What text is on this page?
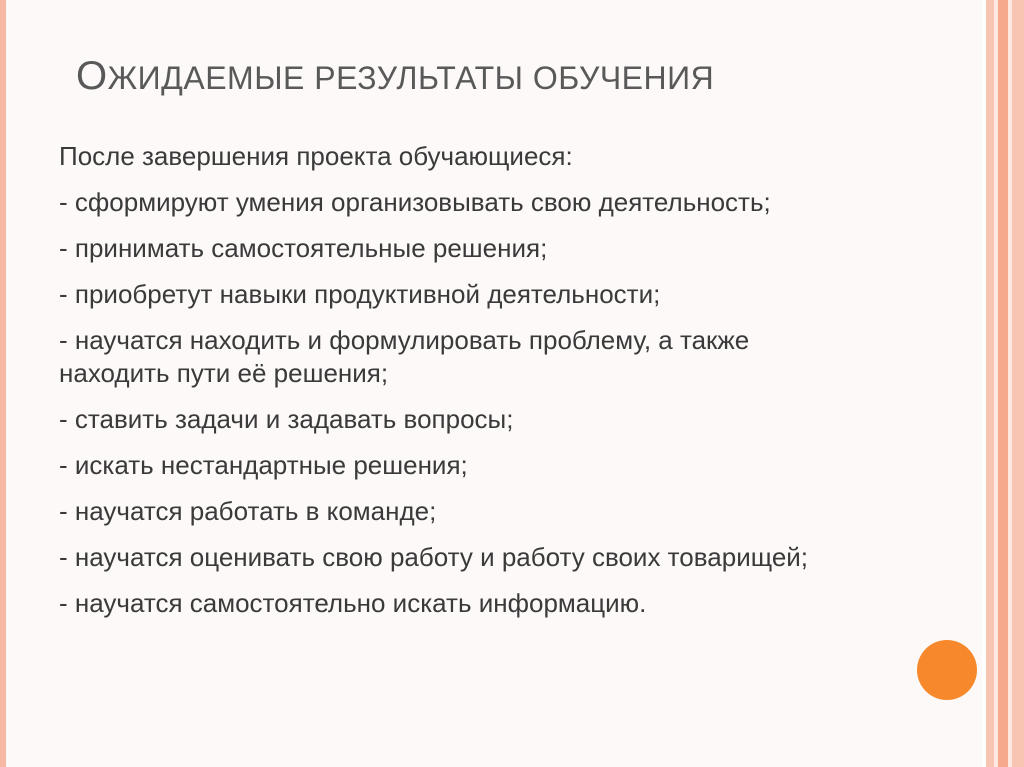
ОЖИДАЕМЫЕ РЕЗУЛЬТАТЫ ОБУЧЕНИЯ

После завершения проекта обучающиеся:

- сформируют умения организовывать свою деятельность;

- принимать самостоятельные решения;

- приобретут навыки продуктивной деятельности;

- научатся находить и формулировать проблему, а также находить пути её решения;

- ставить задачи и задавать вопросы;

- искать нестандартные решения;

- научатся работать в команде;

- научатся оценивать свою работу и работу своих товарищей;

- научатся самостоятельно искать информацию.
